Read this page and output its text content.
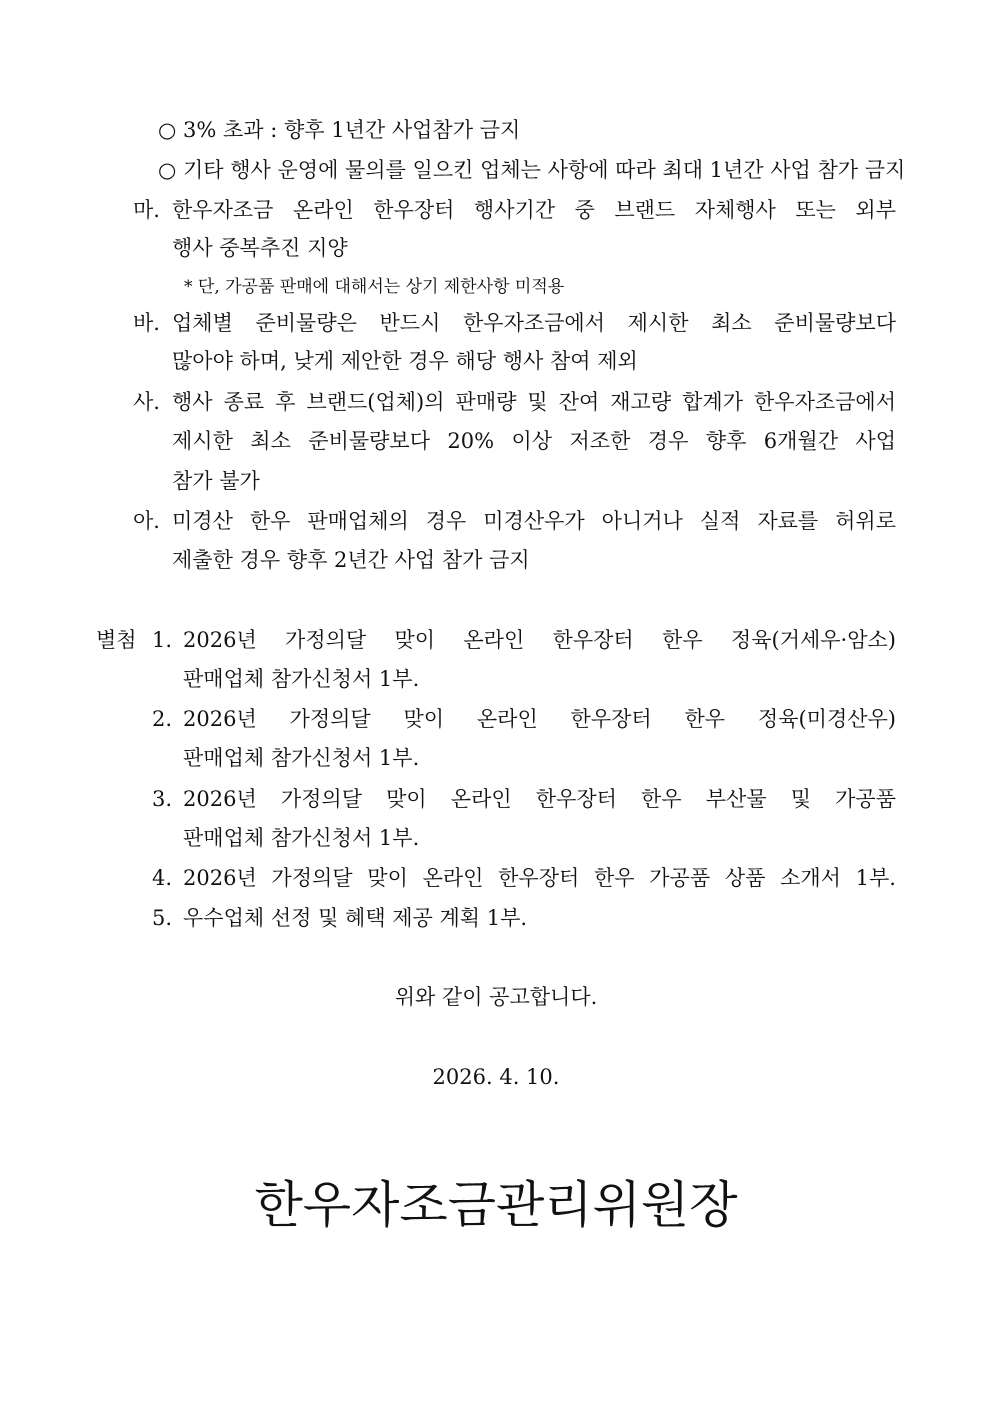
○ 3% 초과 : 향후 1년간 사업참가 금지
○ 기타 행사 운영에 물의를 일으킨 업체는 사항에 따라 최대 1년간 사업 참가 금지
마. 한우자조금 온라인 한우장터 행사기간 중 브랜드 자체행사 또는 외부
행사 중복추진 지양
* 단, 가공품 판매에 대해서는 상기 제한사항 미적용
바. 업체별 준비물량은 반드시 한우자조금에서 제시한 최소 준비물량보다
많아야 하며, 낮게 제안한 경우 해당 행사 참여 제외
사. 행사 종료 후 브랜드(업체)의 판매량 및 잔여 재고량 합계가 한우자조금에서
제시한 최소 준비물량보다 20% 이상 저조한 경우 향후 6개월간 사업
참가 불가
아. 미경산 한우 판매업체의 경우 미경산우가 아니거나 실적 자료를 허위로
제출한 경우 향후 2년간 사업 참가 금지
별첨 1. 2026년 가정의달 맞이 온라인 한우장터 한우 정육(거세우·암소)
판매업체 참가신청서 1부.
2. 2026년 가정의달 맞이 온라인 한우장터 한우 정육(미경산우)
판매업체 참가신청서 1부.
3. 2026년 가정의달 맞이 온라인 한우장터 한우 부산물 및 가공품
판매업체 참가신청서 1부.
4. 2026년 가정의달 맞이 온라인 한우장터 한우 가공품 상품 소개서 1부.
5. 우수업체 선정 및 혜택 제공 계획 1부.
위와 같이 공고합니다.
2026. 4. 10.
한우자조금관리위원장
